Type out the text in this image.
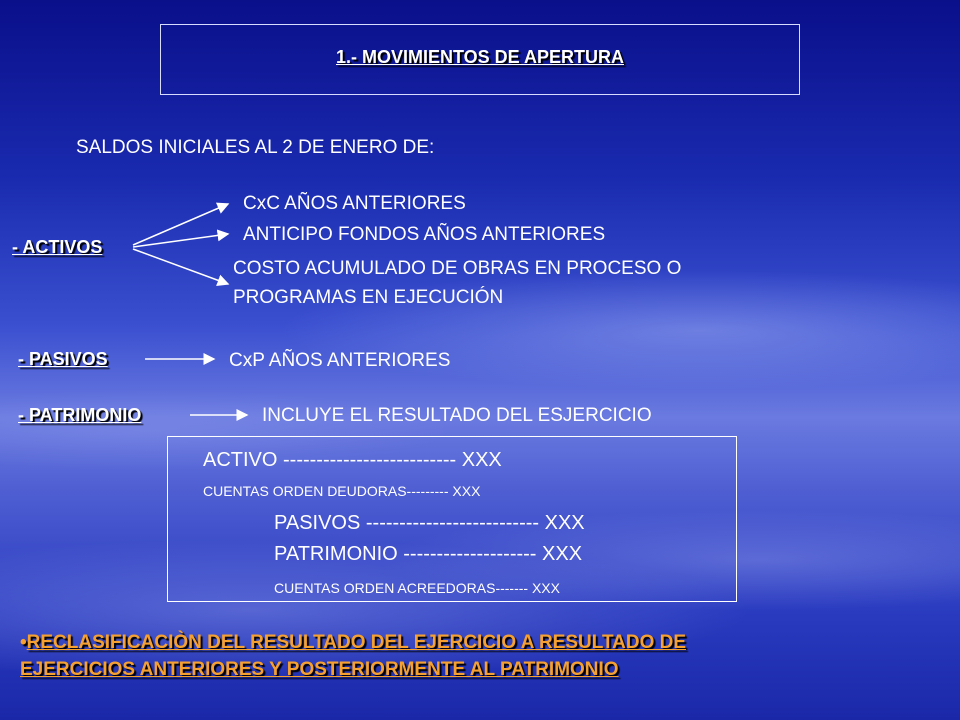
1.- MOVIMIENTOS DE APERTURA
SALDOS INICIALES AL 2 DE ENERO DE:
- ACTIVOS
CxC AÑOS ANTERIORES
ANTICIPO FONDOS AÑOS ANTERIORES
COSTO ACUMULADO DE OBRAS EN PROCESO O
PROGRAMAS EN EJECUCIÓN
- PASIVOS	CxP AÑOS ANTERIORES
- PATRIMONIO	INCLUYE EL RESULTADO DEL ESJERCICIO
ACTIVO -------------------------- XXX
CUENTAS ORDEN DEUDORAS--------- XXX
PASIVOS -------------------------- XXX
PATRIMONIO -------------------- XXX
CUENTAS ORDEN ACREEDORAS------- XXX
•RECLASIFICACIÒN DEL RESULTADO DEL EJERCICIO A RESULTADO DE
EJERCICIOS ANTERIORES Y POSTERIORMENTE AL PATRIMONIO
